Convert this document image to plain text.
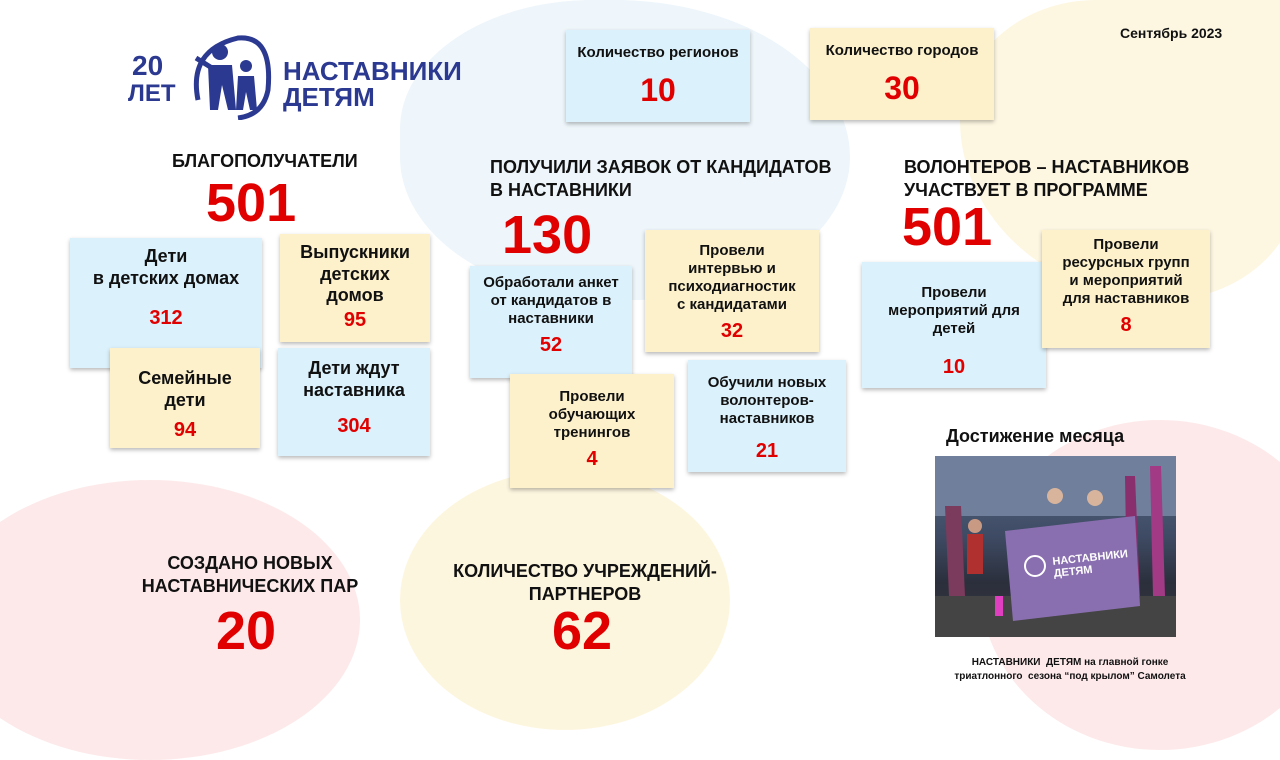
Сентябрь 2023
20
ЛЕТ
НАСТАВНИКИ
ДЕТЯМ
Количество регионов
10
Количество городов
30
БЛАГОПОЛУЧАТЕЛИ
501
Дети
в детских домах
312
Выпускники
детских
домов
95
Семейные
дети
94
Дети ждут
наставника
304
ПОЛУЧИЛИ ЗАЯВОК ОТ КАНДИДАТОВ
В НАСТАВНИКИ
130
Обработали анкет
от кандидатов в
наставники
52
Провели
интервью и
психодиагностик
с кандидатами
32
Провели
обучающих
тренингов
4
Обучили новых
волонтеров-
наставников
21
ВОЛОНТЕРОВ – НАСТАВНИКОВ
УЧАСТВУЕТ В ПРОГРАММЕ
501
Провели
мероприятий для
детей
10
Провели
ресурсных групп
и мероприятий
для наставников
8
СОЗДАНО НОВЫХ
НАСТАВНИЧЕСКИХ ПАР
20
КОЛИЧЕСТВО УЧРЕЖДЕНИЙ-
ПАРТНЕРОВ
62
Достижение месяца
НАСТАВНИКИ
ДЕТЯМ
НАСТАВНИКИ  ДЕТЯМ на главной гонке
триатлонного  сезона “под крылом” Самолета
